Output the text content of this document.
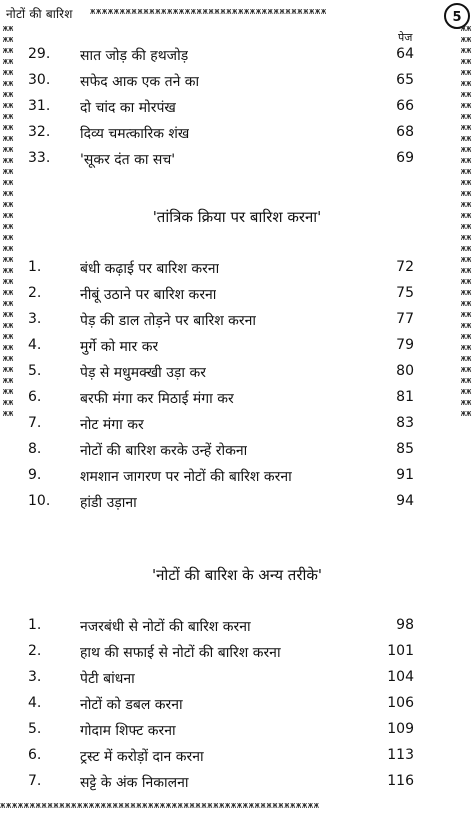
नोटों की बारिश жжжжжжжжжжжжжжжжжжжжжжжжжжжжжжжжжжжжжжжж	5
жжжжжжжжжжжжжжжжжжжжжжжжжжжжжжжжжжжжжжжжжжжжжжжжжжжжжжжжжжжжжжжжжжжжжжжж
жжжжжжжжжжжжжжжжжжжжжжжжжжжжжжжжжжжжжжжжжжжжжжжжжжжжжжжжжжжжжжжжжжжжжжжж
жжжжжжжжжжжжжжжжжжжжжжжжжжжжжжжжжжжжжжжжжжжжжжжжжжжжжж
पेज
29.	सात जोड़ की हथजोड़	64
30.	सफेद आक एक तने का	65
31.	दो चांद का मोरपंख	66
32.	दिव्य चमत्कारिक शंख	68
33.	'सूकर दंत का सच'	69
'तांत्रिक क्रिया पर बारिश करना'
1.	बंधी कढ़ाई पर बारिश करना	72
2.	नीबूं उठाने पर बारिश करना	75
3.	पेड़ की डाल तोड़ने पर बारिश करना	77
4.	मुर्गे को मार कर	79
5.	पेड़ से मधुमक्खी उड़ा कर	80
6.	बरफी मंगा कर मिठाई मंगा कर	81
7.	नोट मंगा कर	83
8.	नोटों की बारिश करके उन्हें रोकना	85
9.	शमशान जागरण पर नोटों की बारिश करना	91
10.	हांडी उड़ाना	94
'नोटों की बारिश के अन्य तरीके'
1.	नजरबंधी से नोटों की बारिश करना	98
2.	हाथ की सफाई से नोटों की बारिश करना	101
3.	पेटी बांधना	104
4.	नोटों को डबल करना	106
5.	गोदाम शिफ्ट करना	109
6.	ट्रस्ट में करोड़ों दान करना	113
7.	सट्टे के अंक निकालना	116
